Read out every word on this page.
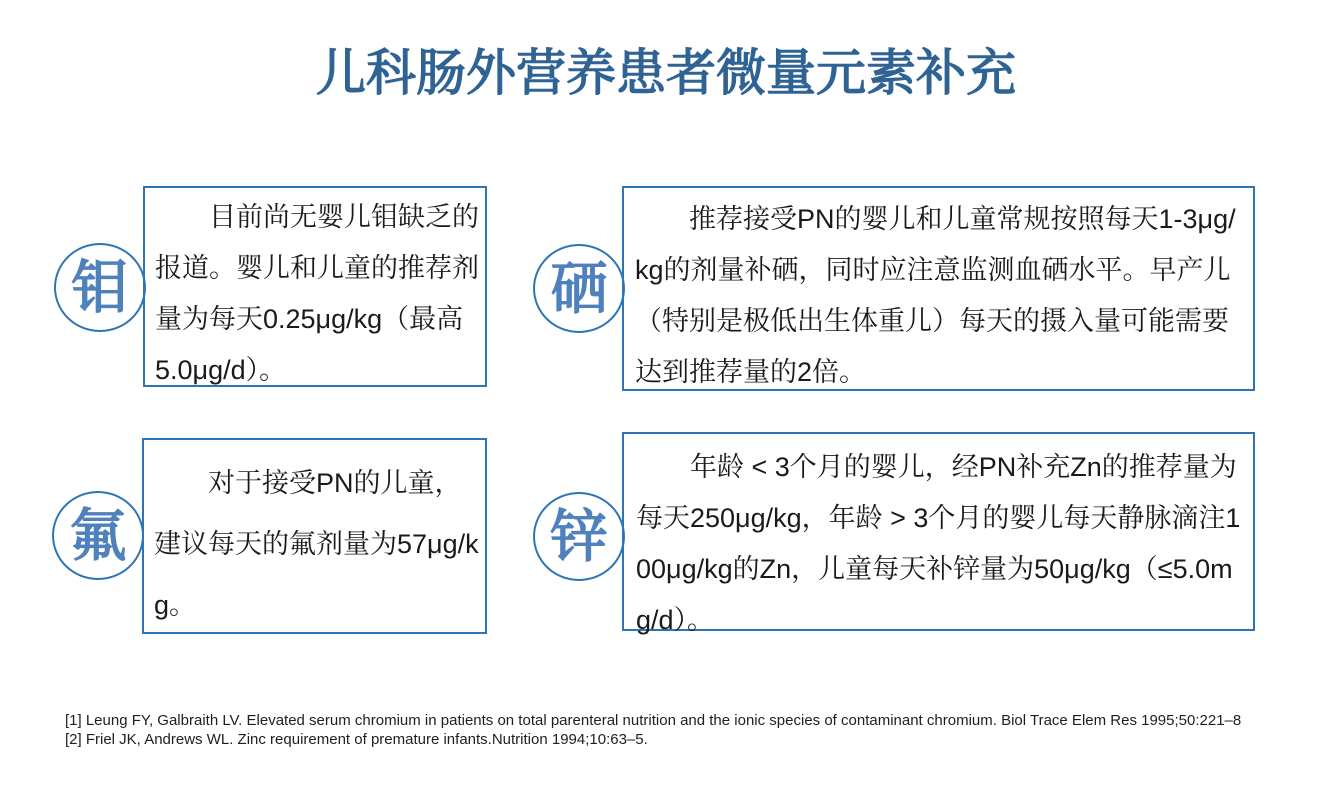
儿科肠外营养患者微量元素补充

目前尚无婴儿钼缺乏的报道。婴儿和儿童的推荐剂量为每天0.25μg/kg（最高5.0μg/d）。

钼

推荐接受PN的婴儿和儿童常规按照每天1-3μg/kg的剂量补硒，同时应注意监测血硒水平。早产儿（特别是极低出生体重儿）每天的摄入量可能需要达到推荐量的2倍。

硒

对于接受PN的儿童，建议每天的氟剂量为57μg/kg。

氟

年龄 < 3个月的婴儿，经PN补充Zn的推荐量为每天250μg/kg，年龄 > 3个月的婴儿每天静脉滴注100μg/kg的Zn，儿童每天补锌量为50μg/kg（≤5.0mg/d）。

锌
[1] Leung FY, Galbraith LV. Elevated serum chromium in patients on total parenteral nutrition and the ionic species of contaminant chromium. Biol Trace Elem Res 1995;50:221–8
[2] Friel JK, Andrews WL. Zinc requirement of premature infants.Nutrition 1994;10:63–5.
